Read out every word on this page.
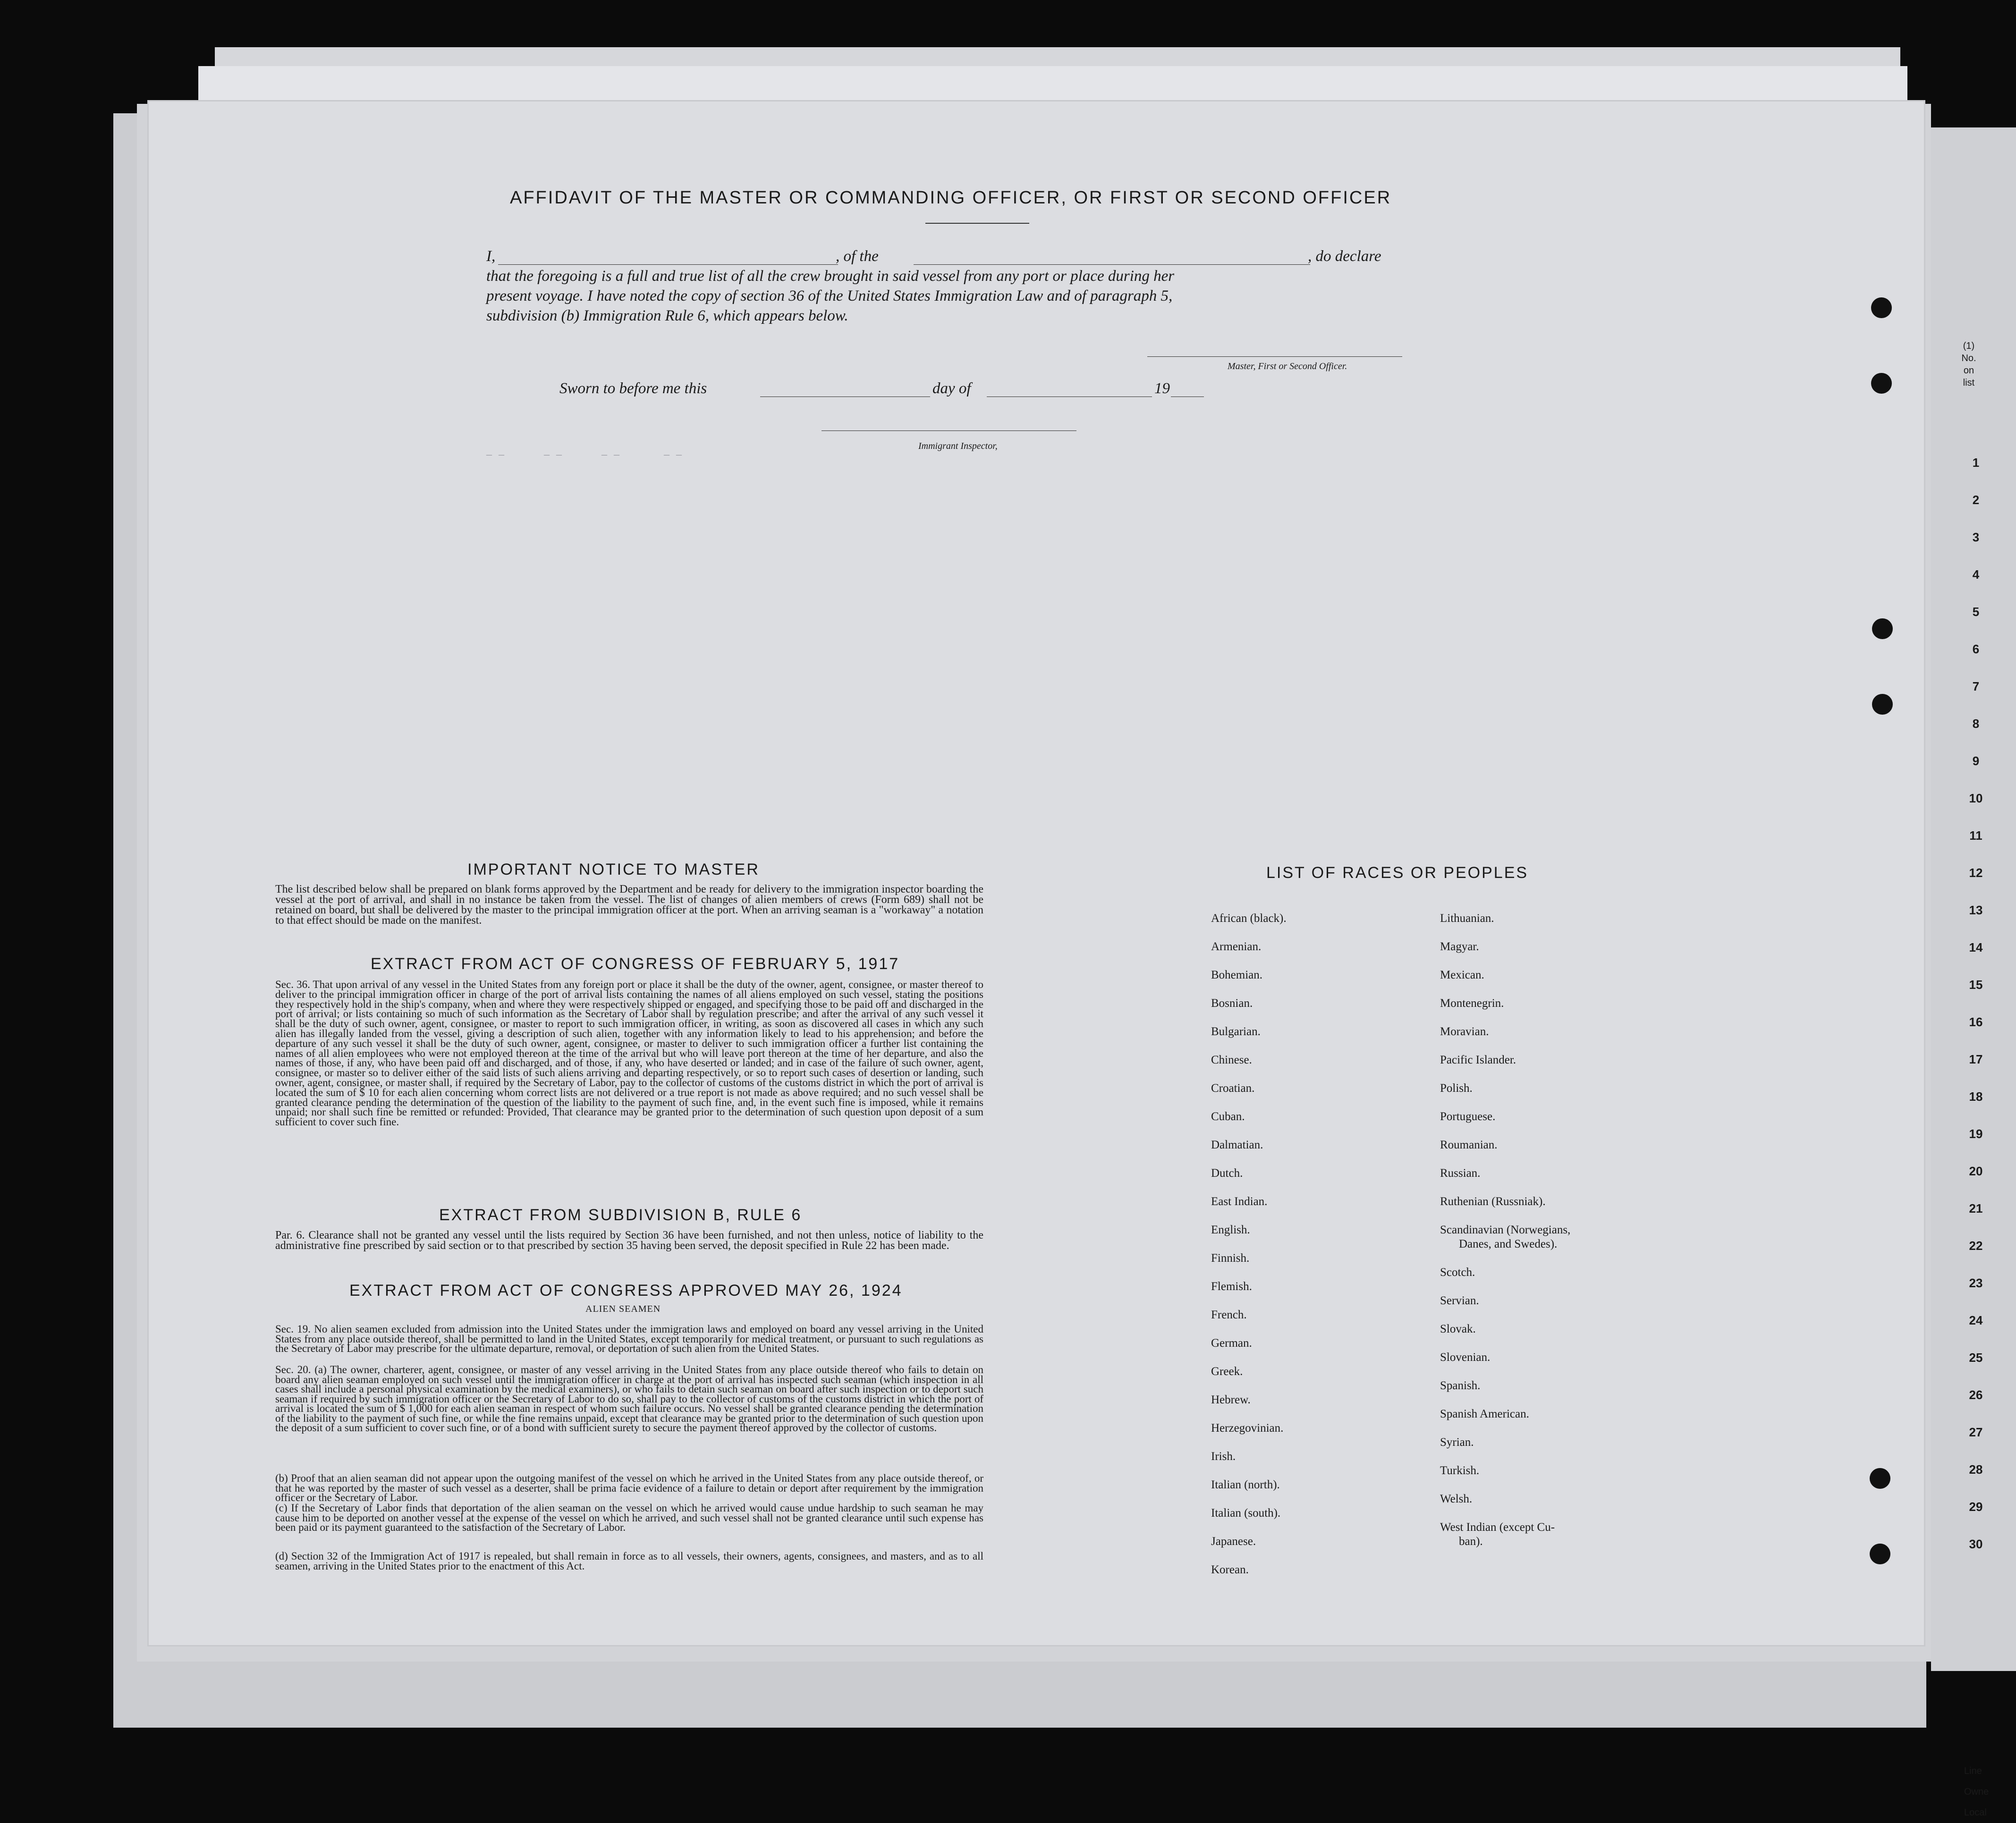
(1)
No.
on
list
Line
Owne
Local
1
2
3
4
5
6
7
8
9
10
11
12
13
14
15
16
17
18
19
20
21
22
23
24
25
26
27
28
29
30
‒ ‒        ‒ ‒        ‒ ‒         ‒ ‒
AFFIDAVIT OF THE MASTER OR COMMANDING OFFICER, OR FIRST OR SECOND OFFICER
I,	, of the	, do declare
that the foregoing is a full and true list of all the crew brought in said vessel from any port or place during her
present voyage. I have noted the copy of section 36 of the United States Immigration Law and of paragraph 5,
subdivision (b) Immigration Rule 6, which appears below.
Master, First or Second Officer.
Sworn to before me this	day of	19
Immigrant Inspector,
IMPORTANT NOTICE TO MASTER
The list described below shall be prepared on blank forms approved by the Department and be ready for delivery to the immigration inspector boarding the vessel at the port of arrival, and shall in no instance be taken from the vessel. The list of changes of alien members of crews (Form 689) shall not be retained on board, but shall be delivered by the master to the principal immigration officer at the port. When an arriving seaman is a "workaway" a notation to that effect should be made on the manifest.
EXTRACT FROM ACT OF CONGRESS OF FEBRUARY 5, 1917
Sec. 36. That upon arrival of any vessel in the United States from any foreign port or place it shall be the duty of the owner, agent, consignee, or master thereof to deliver to the principal immigration officer in charge of the port of arrival lists containing the names of all aliens employed on such vessel, stating the positions they respectively hold in the ship's company, when and where they were respectively shipped or engaged, and specifying those to be paid off and discharged in the port of arrival; or lists containing so much of such information as the Secretary of Labor shall by regulation prescribe; and after the arrival of any such vessel it shall be the duty of such owner, agent, consignee, or master to report to such immigration officer, in writing, as soon as discovered all cases in which any such alien has illegally landed from the vessel, giving a description of such alien, together with any information likely to lead to his apprehension; and before the departure of any such vessel it shall be the duty of such owner, agent, consignee, or master to deliver to such immigration officer a further list containing the names of all alien employees who were not employed thereon at the time of the arrival but who will leave port thereon at the time of her departure, and also the names of those, if any, who have been paid off and discharged, and of those, if any, who have deserted or landed; and in case of the failure of such owner, agent, consignee, or master so to deliver either of the said lists of such aliens arriving and departing respectively, or so to report such cases of desertion or landing, such owner, agent, consignee, or master shall, if required by the Secretary of Labor, pay to the collector of customs of the customs district in which the port of arrival is located the sum of $ 10 for each alien concerning whom correct lists are not delivered or a true report is not made as above required; and no such vessel shall be granted clearance pending the determination of the question of the liability to the payment of such fine, and, in the event such fine is imposed, while it remains unpaid; nor shall such fine be remitted or refunded: Provided, That clearance may be granted prior to the determination of such question upon deposit of a sum sufficient to cover such fine.
EXTRACT FROM SUBDIVISION B, RULE 6
Par. 6. Clearance shall not be granted any vessel until the lists required by Section 36 have been furnished, and not then unless, notice of liability to the administrative fine prescribed by said section or to that prescribed by section 35 having been served, the deposit specified in Rule 22 has been made.
EXTRACT FROM ACT OF CONGRESS APPROVED MAY 26, 1924
ALIEN SEAMEN
Sec. 19. No alien seamen excluded from admission into the United States under the immigration laws and employed on board any vessel arriving in the United States from any place outside thereof, shall be permitted to land in the United States, except temporarily for medical treatment, or pursuant to such regulations as the Secretary of Labor may prescribe for the ultimate departure, removal, or deportation of such alien from the United States.
Sec. 20. (a) The owner, charterer, agent, consignee, or master of any vessel arriving in the United States from any place outside thereof who fails to detain on board any alien seaman employed on such vessel until the immigration officer in charge at the port of arrival has inspected such seaman (which inspection in all cases shall include a personal physical examination by the medical examiners), or who fails to detain such seaman on board after such inspection or to deport such seaman if required by such immigration officer or the Secretary of Labor to do so, shall pay to the collector of customs of the customs district in which the port of arrival is located the sum of $ 1,000 for each alien seaman in respect of whom such failure occurs. No vessel shall be granted clearance pending the determination of the liability to the payment of such fine, or while the fine remains unpaid, except that clearance may be granted prior to the determination of such question upon the deposit of a sum sufficient to cover such fine, or of a bond with sufficient surety to secure the payment thereof approved by the collector of customs.
(b) Proof that an alien seaman did not appear upon the outgoing manifest of the vessel on which he arrived in the United States from any place outside thereof, or that he was reported by the master of such vessel as a deserter, shall be prima facie evidence of a failure to detain or deport after requirement by the immigration officer or the Secretary of Labor.
(c) If the Secretary of Labor finds that deportation of the alien seaman on the vessel on which he arrived would cause undue hardship to such seaman he may cause him to be deported on another vessel at the expense of the vessel on which he arrived, and such vessel shall not be granted clearance until such expense has been paid or its payment guaranteed to the satisfaction of the Secretary of Labor.
(d) Section 32 of the Immigration Act of 1917 is repealed, but shall remain in force as to all vessels, their owners, agents, consignees, and masters, and as to all seamen, arriving in the United States prior to the enactment of this Act.
LIST OF RACES OR PEOPLES
African (black).
Armenian.
Bohemian.
Bosnian.
Bulgarian.
Chinese.
Croatian.
Cuban.
Dalmatian.
Dutch.
East Indian.
English.
Finnish.
Flemish.
French.
German.
Greek.
Hebrew.
Herzegovinian.
Irish.
Italian (north).
Italian (south).
Japanese.
Korean.
Lithuanian.
Magyar.
Mexican.
Montenegrin.
Moravian.
Pacific Islander.
Polish.
Portuguese.
Roumanian.
Russian.
Ruthenian (Russniak).
Scandinavian (Norwegians,
Danes, and Swedes).
Scotch.
Servian.
Slovak.
Slovenian.
Spanish.
Spanish American.
Syrian.
Turkish.
Welsh.
West Indian (except Cu-
ban).
